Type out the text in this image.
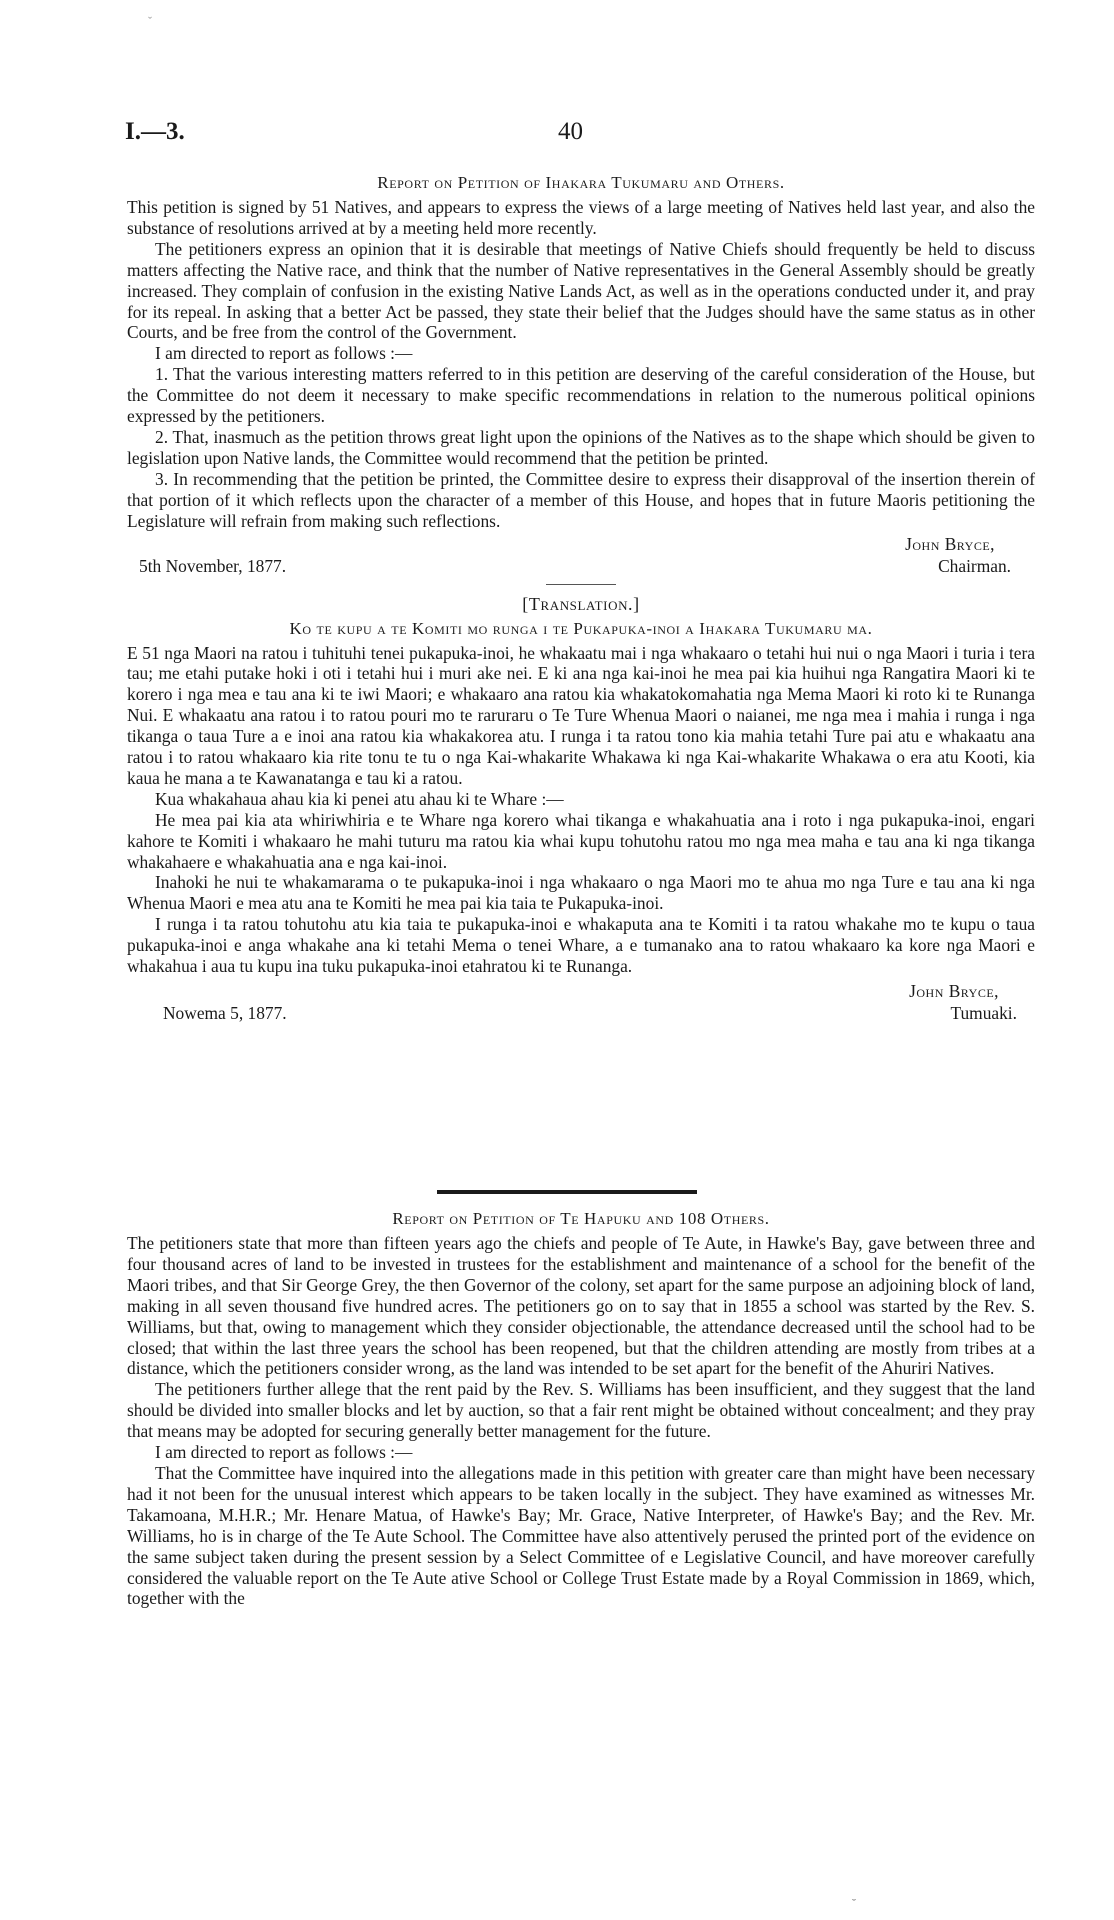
ˇ
I.—3.	40
Report on Petition of Ihakara Tukumaru and Others.

This petition is signed by 51 Natives, and appears to express the views of a large meeting of Natives held last year, and also the substance of resolutions arrived at by a meeting held more recently.

The petitioners express an opinion that it is desirable that meetings of Native Chiefs should frequently be held to discuss matters affecting the Native race, and think that the number of Native representatives in the General Assembly should be greatly increased. They complain of confusion in the existing Native Lands Act, as well as in the operations conducted under it, and pray for its repeal. In asking that a better Act be passed, they state their belief that the Judges should have the same status as in other Courts, and be free from the control of the Government.

I am directed to report as follows :—

1. That the various interesting matters referred to in this petition are deserving of the careful consideration of the House, but the Committee do not deem it necessary to make specific recommendations in relation to the numerous political opinions expressed by the petitioners.

2. That, inasmuch as the petition throws great light upon the opinions of the Natives as to the shape which should be given to legislation upon Native lands, the Committee would recommend that the petition be printed.

3. In recommending that the petition be printed, the Committee desire to express their disapproval of the insertion therein of that portion of it which reflects upon the character of a member of this House, and hopes that in future Maoris petitioning the Legislature will refrain from making such reflections.

John Bryce,
Chairman.
5th November, 1877.
[Translation.]
Ko te kupu a te Komiti mo runga i te Pukapuka-inoi a Ihakara Tukumaru ma.

E 51 nga Maori na ratou i tuhituhi tenei pukapuka-inoi, he whakaatu mai i nga whakaaro o tetahi hui nui o nga Maori i turia i tera tau; me etahi putake hoki i oti i tetahi hui i muri ake nei. E ki ana nga kai-inoi he mea pai kia huihui nga Rangatira Maori ki te korero i nga mea e tau ana ki te iwi Maori; e whakaaro ana ratou kia whakatokomahatia nga Mema Maori ki roto ki te Runanga Nui. E whakaatu ana ratou i to ratou pouri mo te raruraru o Te Ture Whenua Maori o naianei, me nga mea i mahia i runga i nga tikanga o taua Ture a e inoi ana ratou kia whakakorea atu. I runga i ta ratou tono kia mahia tetahi Ture pai atu e whakaatu ana ratou i to ratou whakaaro kia rite tonu te tu o nga Kai-whakarite Whakawa ki nga Kai-whakarite Whakawa o era atu Kooti, kia kaua he mana a te Kawanatanga e tau ki a ratou.

Kua whakahaua ahau kia ki penei atu ahau ki te Whare :—

He mea pai kia ata whiriwhiria e te Whare nga korero whai tikanga e whakahuatia ana i roto i nga pukapuka-inoi, engari kahore te Komiti i whakaaro he mahi tuturu ma ratou kia whai kupu tohutohu ratou mo nga mea maha e tau ana ki nga tikanga whakahaere e whakahuatia ana e nga kai-inoi.

Inahoki he nui te whakamarama o te pukapuka-inoi i nga whakaaro o nga Maori mo te ahua mo nga Ture e tau ana ki nga Whenua Maori e mea atu ana te Komiti he mea pai kia taia te Pukapuka-inoi.

I runga i ta ratou tohutohu atu kia taia te pukapuka-inoi e whakaputa ana te Komiti i ta ratou whakahe mo te kupu o taua pukapuka-inoi e anga whakahe ana ki tetahi Mema o tenei Whare, a e tumanako ana to ratou whakaaro ka kore nga Maori e whakahua i aua tu kupu ina tuku pukapuka-inoi etahratou ki te Runanga.

John Bryce,
Tumuaki.
Nowema 5, 1877.
Report on Petition of Te Hapuku and 108 Others.

The petitioners state that more than fifteen years ago the chiefs and people of Te Aute, in Hawke's Bay, gave between three and four thousand acres of land to be invested in trustees for the establishment and maintenance of a school for the benefit of the Maori tribes, and that Sir George Grey, the then Governor of the colony, set apart for the same purpose an adjoining block of land, making in all seven thousand five hundred acres. The petitioners go on to say that in 1855 a school was started by the Rev. S. Williams, but that, owing to management which they consider objectionable, the attendance decreased until the school had to be closed; that within the last three years the school has been reopened, but that the children attending are mostly from tribes at a distance, which the petitioners consider wrong, as the land was intended to be set apart for the benefit of the Ahuriri Natives.

The petitioners further allege that the rent paid by the Rev. S. Williams has been insufficient, and they suggest that the land should be divided into smaller blocks and let by auction, so that a fair rent might be obtained without concealment; and they pray that means may be adopted for securing generally better management for the future.

I am directed to report as follows :—

That the Committee have inquired into the allegations made in this petition with greater care than might have been necessary had it not been for the unusual interest which appears to be taken locally in the subject. They have examined as witnesses Mr. Takamoana, M.H.R.; Mr. Henare Matua, of Hawke's Bay; Mr. Grace, Native Interpreter, of Hawke's Bay; and the Rev. Mr. Williams, ho is in charge of the Te Aute School. The Committee have also attentively perused the printed port of the evidence on the same subject taken during the present session by a Select Committee of e Legislative Council, and have moreover carefully considered the valuable report on the Te Aute ative School or College Trust Estate made by a Royal Commission in 1869, which, together with the

˘
